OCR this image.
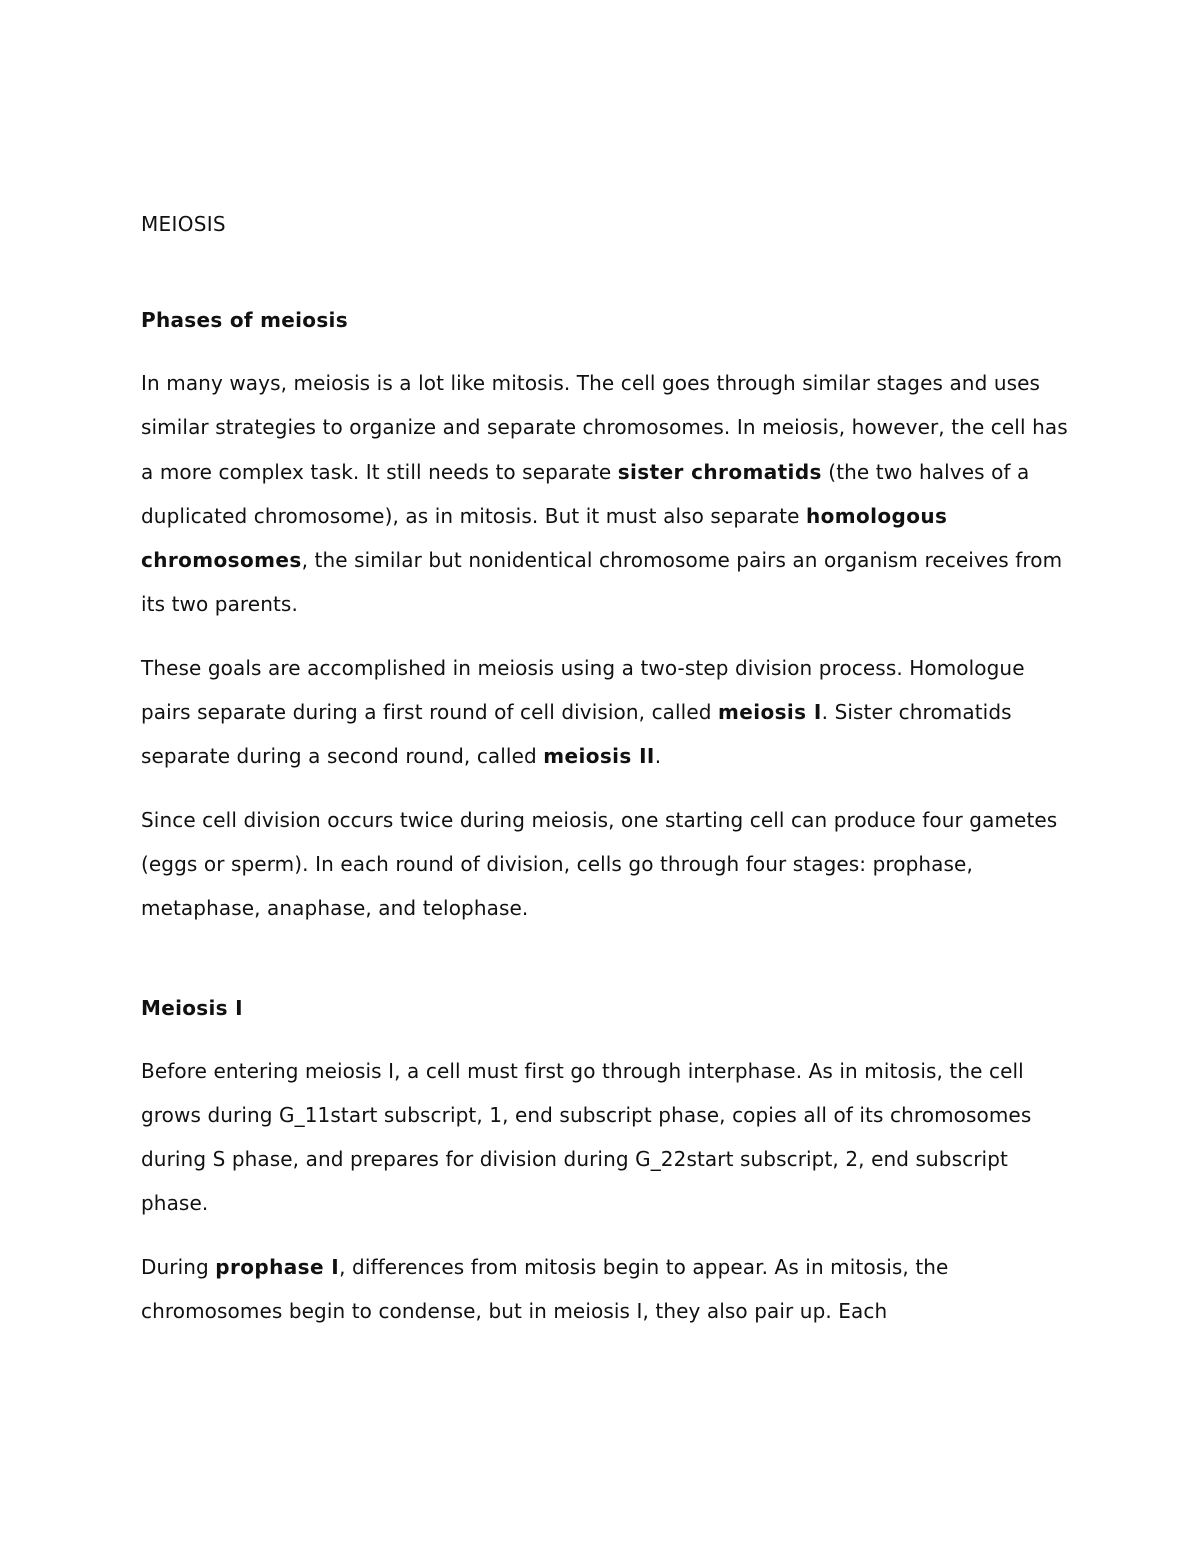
MEIOSIS
Phases of meiosis

In many ways, meiosis is a lot like mitosis. The cell goes through similar stages and uses similar strategies to organize and separate chromosomes. In meiosis, however, the cell has a more complex task. It still needs to separate sister chromatids (the two halves of a duplicated chromosome), as in mitosis. But it must also separate homologous chromosomes, the similar but nonidentical chromosome pairs an organism receives from its two parents.

These goals are accomplished in meiosis using a two-step division process. Homologue pairs separate during a first round of cell division, called meiosis I. Sister chromatids separate during a second round, called meiosis II.

Since cell division occurs twice during meiosis, one starting cell can produce four gametes (eggs or sperm). In each round of division, cells go through four stages: prophase, metaphase, anaphase, and telophase.

Meiosis I

Before entering meiosis I, a cell must first go through interphase. As in mitosis, the cell grows during G_11start subscript, 1, end subscript phase, copies all of its chromosomes during S phase, and prepares for division during G_22start subscript, 2, end subscript phase.

During prophase I, differences from mitosis begin to appear. As in mitosis, the chromosomes begin to condense, but in meiosis I, they also pair up. Each
